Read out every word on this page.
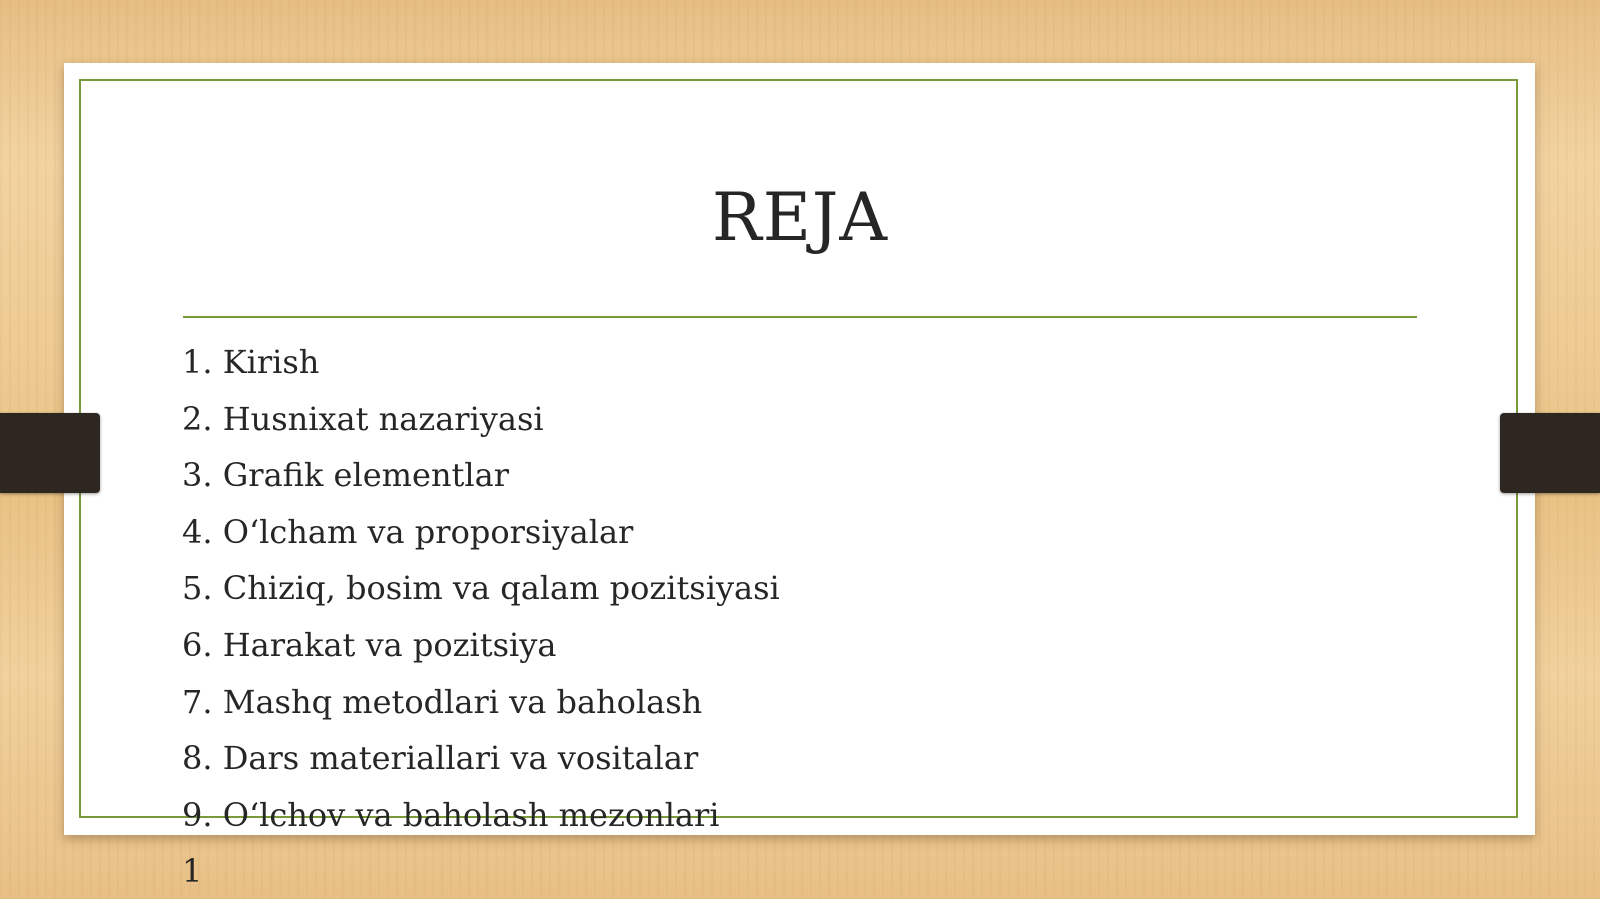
REJA
1. Kirish
2. Husnixat nazariyasi
3. Grafik elementlar
4. O‘lcham va proporsiyalar
5. Chiziq, bosim va qalam pozitsiyasi
6. Harakat va pozitsiya
7. Mashq metodlari va baholash
8. Dars materiallari va vositalar
9. O‘lchov va baholash mezonlari
1
